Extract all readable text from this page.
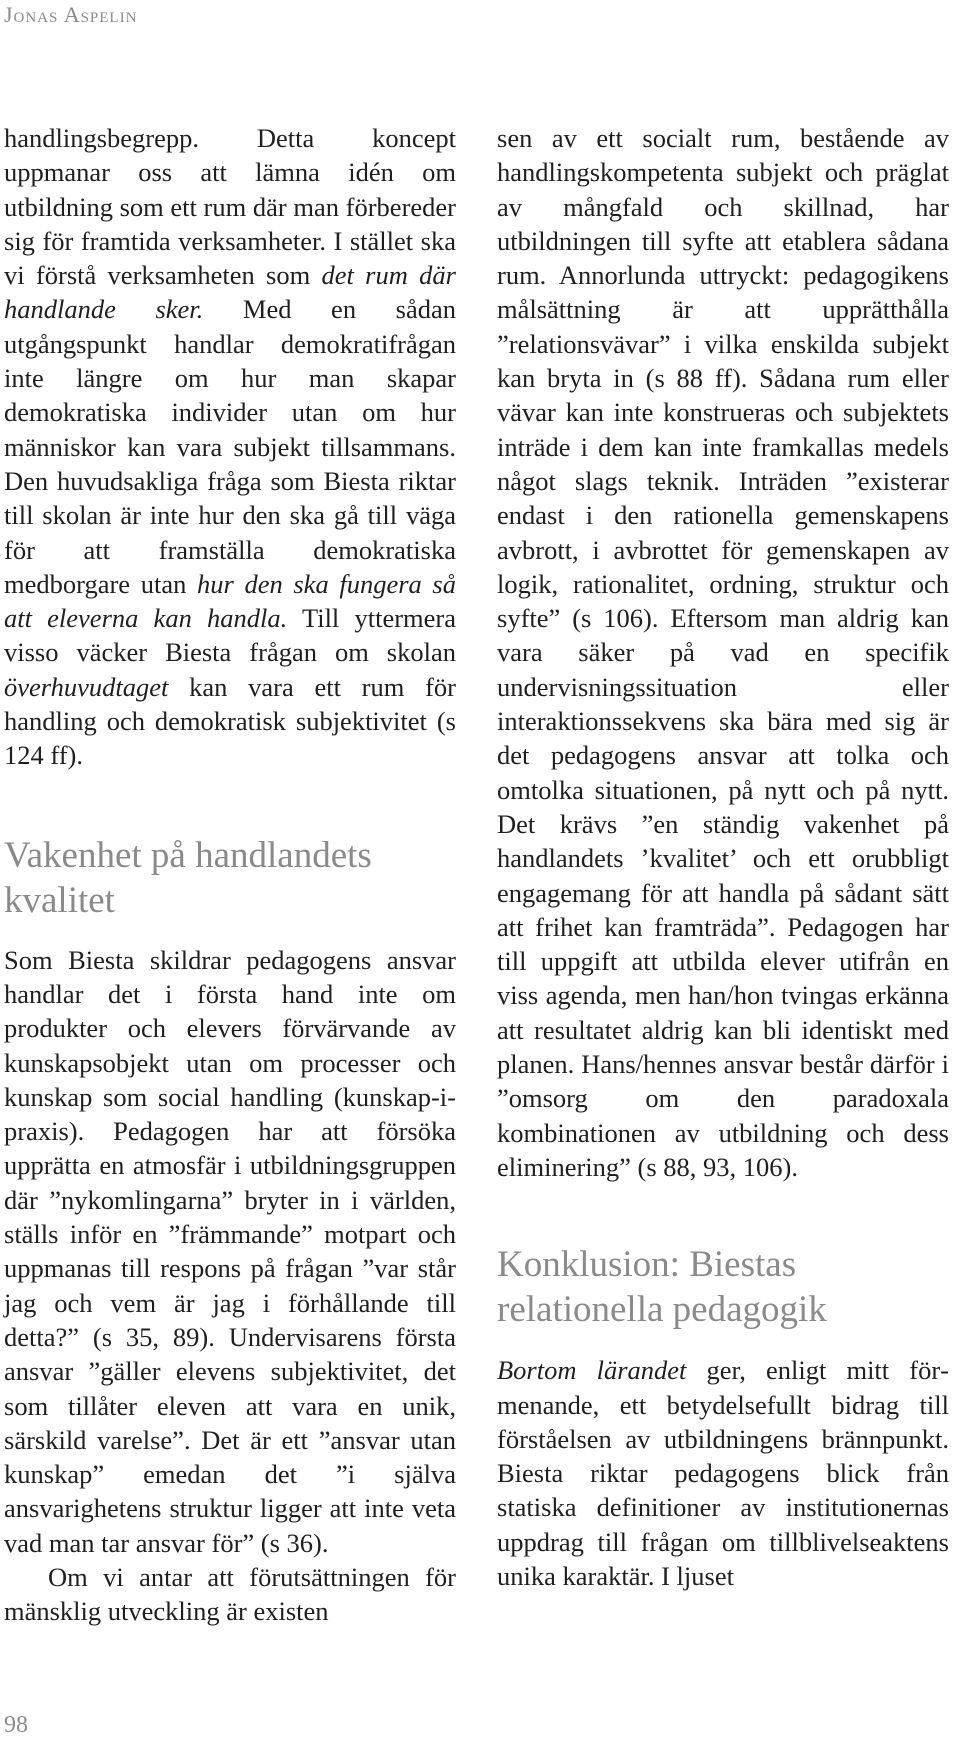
Jonas Aspelin

handlingsbegrepp. Detta koncept uppmanar oss att lämna idén om utbildning som ett rum där man förbereder sig för framtida verksamheter. I stället ska vi förstå verksamheten som det rum där handlande sker. Med en sådan utgångspunkt handlar demokratifrågan inte längre om hur man skapar demokratiska individer utan om hur människor kan vara subjekt tillsammans. Den huvudsakliga fråga som Biesta riktar till skolan är inte hur den ska gå till väga för att framställa demokratiska medborgare utan hur den ska fungera så att eleverna kan handla. Till yttermera visso väcker Biesta frågan om skolan överhuvudtaget kan vara ett rum för handling och demokratisk subjektivitet (s 124 ff).

Vakenhet på handlandets kvalitet

Som Biesta skildrar pedagogens ansvar handlar det i första hand inte om produkter och elevers förvärvande av kunskapsobjekt utan om processer och kunskap som social handling (kunskap-i-praxis). Pedagogen har att försöka upprätta en atmosfär i utbildningsgruppen där ”nykomlingarna” bryter in i världen, ställs inför en ”främmande” motpart och uppmanas till respons på frågan ”var står jag och vem är jag i förhållande till detta?” (s 35, 89). Undervisarens första ansvar ”gäller elevens subjektivitet, det som tillåter eleven att vara en unik, särskild varelse”. Det är ett ”ansvar utan kunskap” emedan det ”i själva ansvarighetens struktur ligger att inte veta vad man tar ansvar för” (s 36).

Om vi antar att förutsättningen för mänsklig utveckling är existen

sen av ett socialt rum, bestående av handlingskompetenta subjekt och präglat av mångfald och skillnad, har utbildningen till syfte att etablera sådana rum. Annorlunda uttryckt: pedagogikens målsättning är att upprätthålla ”relationsvävar” i vilka enskilda subjekt kan bryta in (s 88 ff). Sådana rum eller vävar kan inte konstrueras och subjektets inträde i dem kan inte framkallas medels något slags teknik. Inträden ”existerar endast i den rationella gemenskapens avbrott, i avbrottet för gemenskapen av logik, rationalitet, ordning, struktur och syfte” (s 106). Eftersom man aldrig kan vara säker på vad en specifik undervisningssituation eller interaktionssekvens ska bära med sig är det pedagogens ansvar att tolka och omtolka situationen, på nytt och på nytt. Det krävs ”en ständig vakenhet på handlandets ’kvalitet’ och ett orubbligt engagemang för att handla på sådant sätt att frihet kan framträda”. Pedagogen har till uppgift att utbilda elever utifrån en viss agenda, men han/hon tvingas erkänna att resultatet aldrig kan bli identiskt med planen. Hans/hennes ansvar består därför i ”omsorg om den paradoxala kombinationen av utbildning och dess eliminering” (s 88, 93, 106).

Konklusion: Biestas relationella pedagogik

Bortom lärandet ger, enligt mitt förmenande, ett betydelsefullt bidrag till förståelsen av utbildningens brännpunkt. Biesta riktar pedagogens blick från statiska definitioner av institutionernas uppdrag till frågan om tillblivelseaktens unika karaktär. I ljuset

98
